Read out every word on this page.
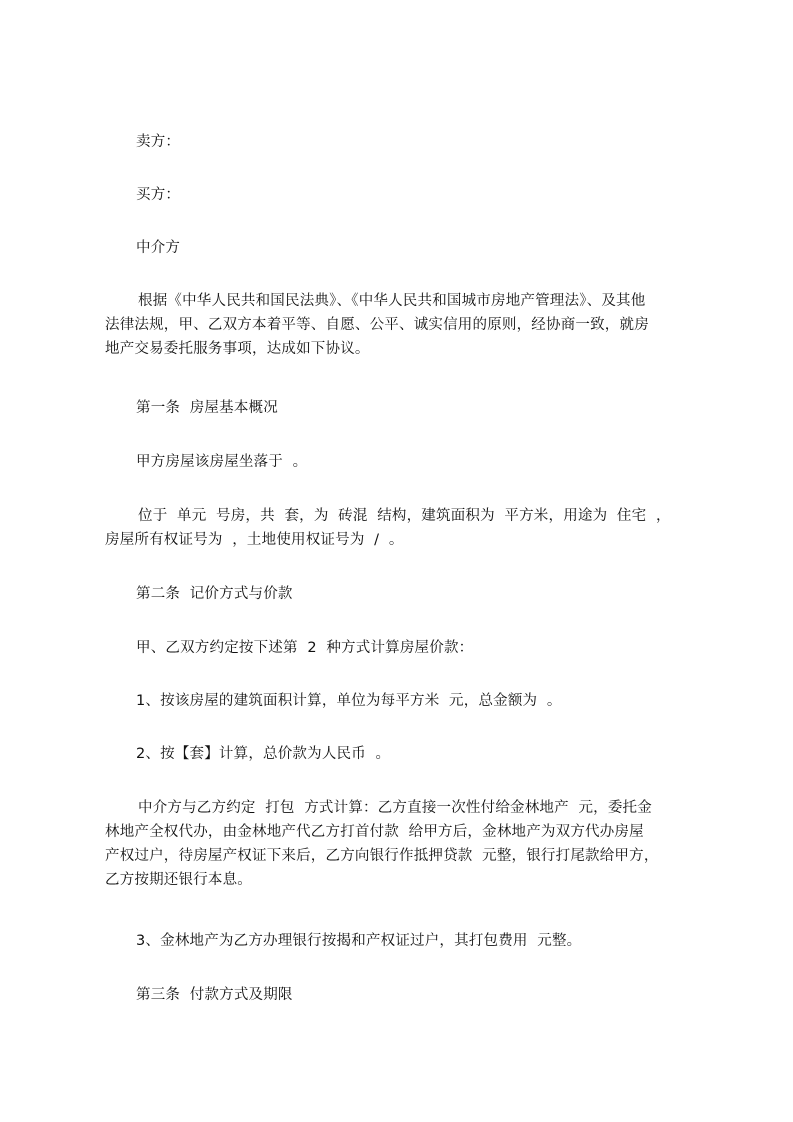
卖方：
买方：
中介方
根据《中华人民共和国民法典》、《中华人民共和国城市房地产管理法》、及其他
法律法规，甲、乙双方本着平等、自愿、公平、诚实信用的原则，经协商一致，就房
地产交易委托服务事项，达成如下协议。
第一条  房屋基本概况
甲方房屋该房屋坐落于  。
位于  单元  号房，共  套，为  砖混  结构，建筑面积为  平方米，用途为  住宅  ，
房屋所有权证号为  ，土地使用权证号为  /  。
第二条  记价方式与价款
甲、乙双方约定按下述第  2  种方式计算房屋价款：
1、按该房屋的建筑面积计算，单位为每平方米  元，总金额为  。
2、按【套】计算，总价款为人民币  。
中介方与乙方约定  打包  方式计算：乙方直接一次性付给金林地产  元，委托金
林地产全权代办，由金林地产代乙方打首付款  给甲方后，金林地产为双方代办房屋
产权过户，待房屋产权证下来后，乙方向银行作抵押贷款  元整，银行打尾款给甲方，
乙方按期还银行本息。
3、金林地产为乙方办理银行按揭和产权证过户，其打包费用  元整。
第三条  付款方式及期限
